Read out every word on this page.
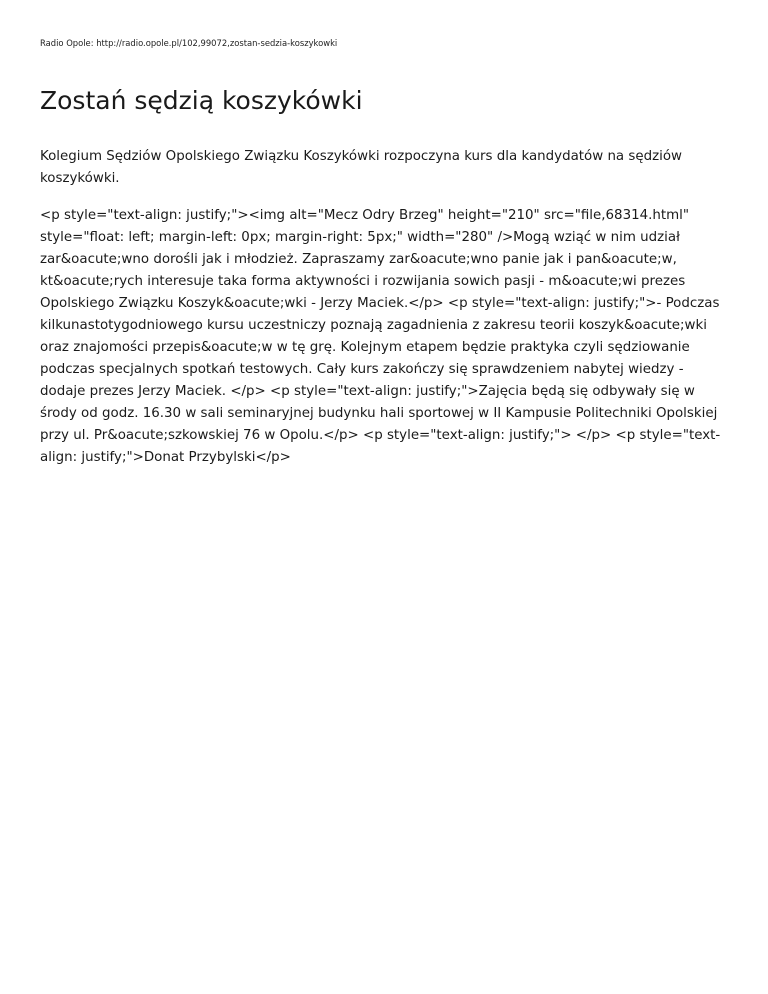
Radio Opole: http://radio.opole.pl/102,99072,zostan-sedzia-koszykowki
Zostań sędzią koszykówki

Kolegium Sędziów Opolskiego Związku Koszykówki rozpoczyna kurs dla kandydatów na sędziów koszykówki.

<p style="text-align: justify;"><img alt="Mecz Odry Brzeg" height="210" src="file,68314.html" style="float: left; margin-left: 0px; margin-right: 5px;" width="280" />Mogą wziąć w nim udział zar&oacute;wno dorośli jak i młodzież. Zapraszamy zar&oacute;wno panie jak i pan&oacute;w, kt&oacute;rych interesuje taka forma aktywności i rozwijania sowich pasji - m&oacute;wi prezes Opolskiego Związku Koszyk&oacute;wki - Jerzy Maciek.</p> <p style="text-align: justify;">- Podczas kilkunastotygodniowego kursu uczestniczy poznają zagadnienia z zakresu teorii koszyk&oacute;wki oraz znajomości przepis&oacute;w w tę grę. Kolejnym etapem będzie praktyka czyli sędziowanie podczas specjalnych spotkań testowych. Cały kurs zakończy się sprawdzeniem nabytej wiedzy - dodaje prezes Jerzy Maciek. </p> <p style="text-align: justify;">Zajęcia będą się odbywały się w środy od godz. 16.30 w sali seminaryjnej budynku hali sportowej w II Kampusie Politechniki Opolskiej przy ul. Pr&oacute;szkowskiej 76 w Opolu.</p> <p style="text-align: justify;"> </p> <p style="text-align: justify;">Donat Przybylski</p>
